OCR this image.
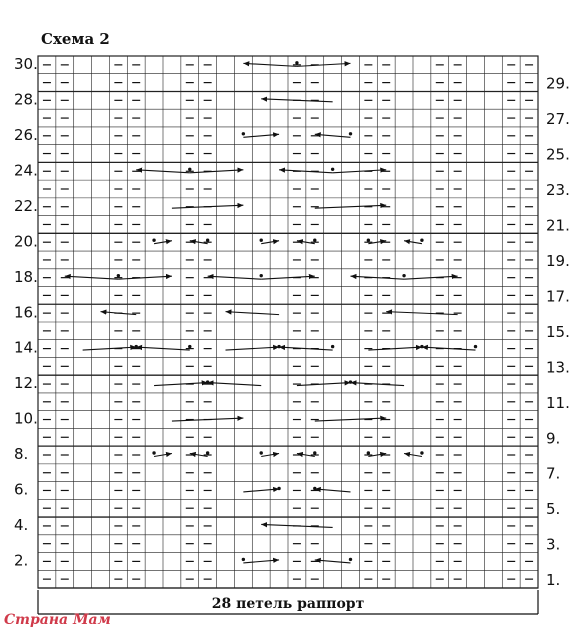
Схема 2
1.
3.
5.
7.
9.
11.
13.
15.
17.
19.
21.
23.
25.
27.
29.
2.
4.
6.
8.
10.
12.
14.
16.
18.
20.
22.
24.
26.
28.
30.
28 петель раппорт
Страна Мам
